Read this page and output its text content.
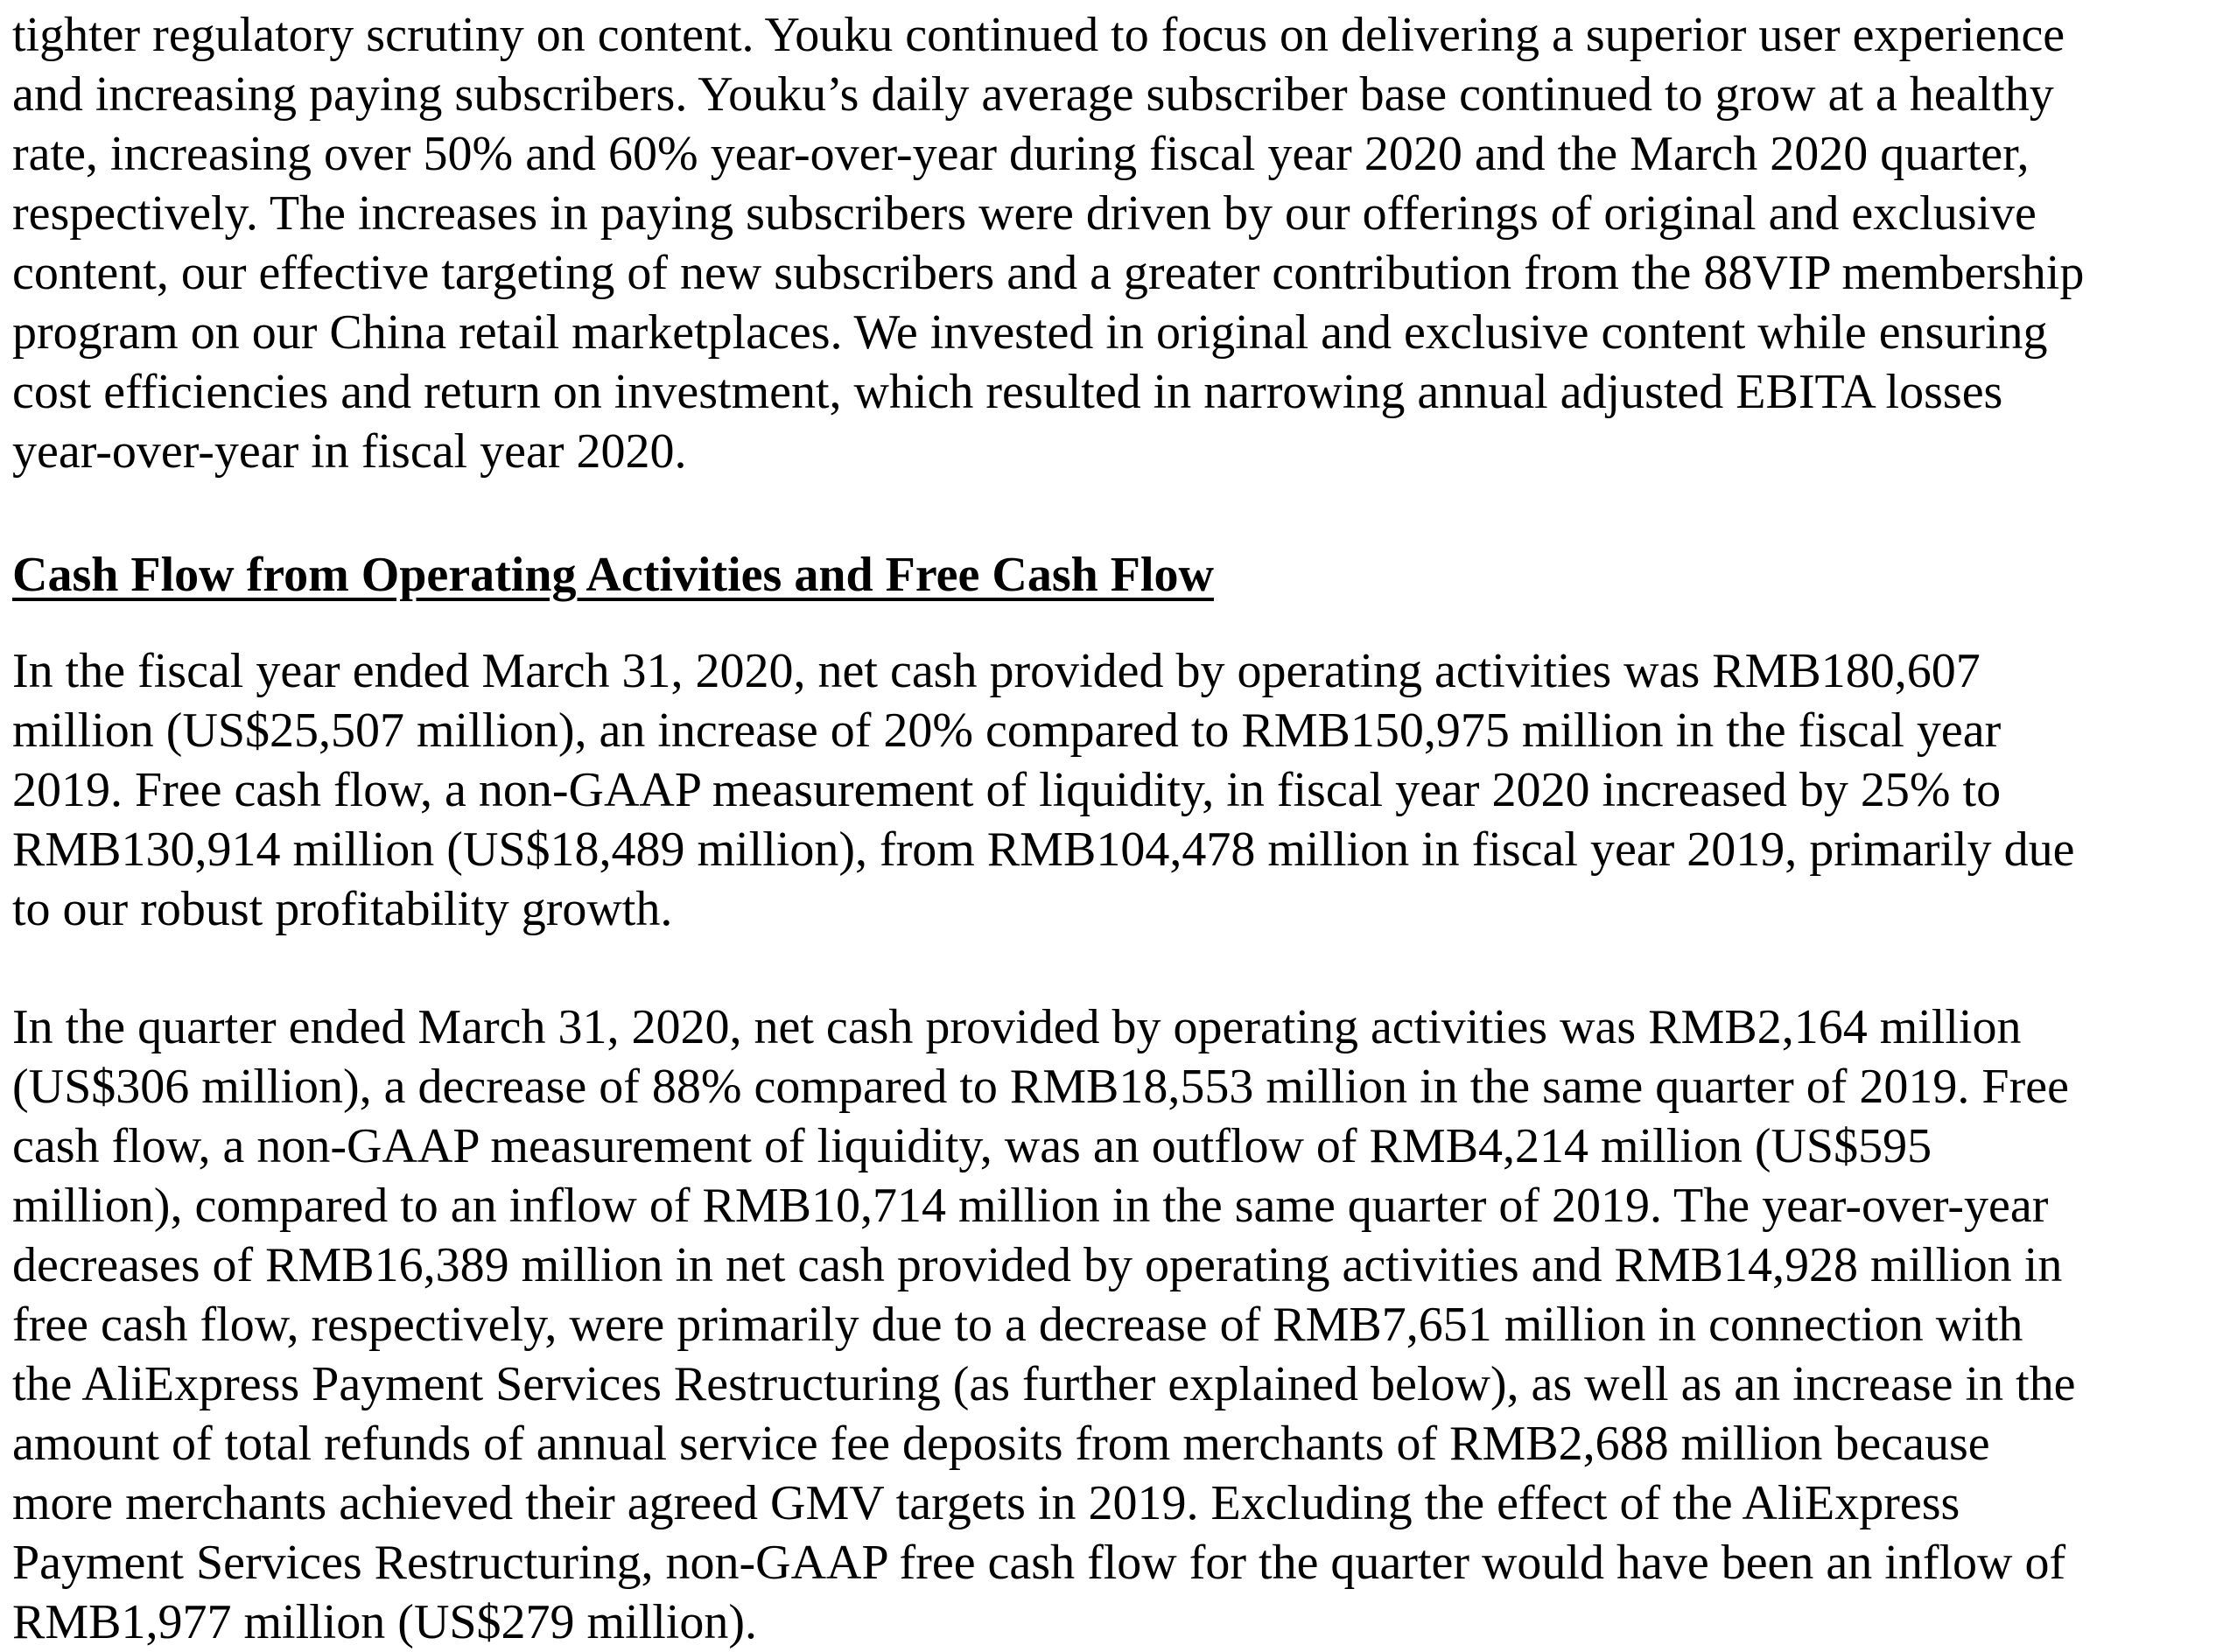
tighter regulatory scrutiny on content. Youku continued to focus on delivering a superior user experience
and increasing paying subscribers. Youku’s daily average subscriber base continued to grow at a healthy
rate, increasing over 50% and 60% year-over-year during fiscal year 2020 and the March 2020 quarter,
respectively. The increases in paying subscribers were driven by our offerings of original and exclusive
content, our effective targeting of new subscribers and a greater contribution from the 88VIP membership
program on our China retail marketplaces. We invested in original and exclusive content while ensuring
cost efficiencies and return on investment, which resulted in narrowing annual adjusted EBITA losses
year-over-year in fiscal year 2020.
Cash Flow from Operating Activities and Free Cash Flow
In the fiscal year ended March 31, 2020, net cash provided by operating activities was RMB180,607
million (US$25,507 million), an increase of 20% compared to RMB150,975 million in the fiscal year
2019. Free cash flow, a non-GAAP measurement of liquidity, in fiscal year 2020 increased by 25% to
RMB130,914 million (US$18,489 million), from RMB104,478 million in fiscal year 2019, primarily due
to our robust profitability growth.
In the quarter ended March 31, 2020, net cash provided by operating activities was RMB2,164 million
(US$306 million), a decrease of 88% compared to RMB18,553 million in the same quarter of 2019. Free
cash flow, a non-GAAP measurement of liquidity, was an outflow of RMB4,214 million (US$595
million), compared to an inflow of RMB10,714 million in the same quarter of 2019. The year-over-year
decreases of RMB16,389 million in net cash provided by operating activities and RMB14,928 million in
free cash flow, respectively, were primarily due to a decrease of RMB7,651 million in connection with
the AliExpress Payment Services Restructuring (as further explained below), as well as an increase in the
amount of total refunds of annual service fee deposits from merchants of RMB2,688 million because
more merchants achieved their agreed GMV targets in 2019. Excluding the effect of the AliExpress
Payment Services Restructuring, non-GAAP free cash flow for the quarter would have been an inflow of
RMB1,977 million (US$279 million).
